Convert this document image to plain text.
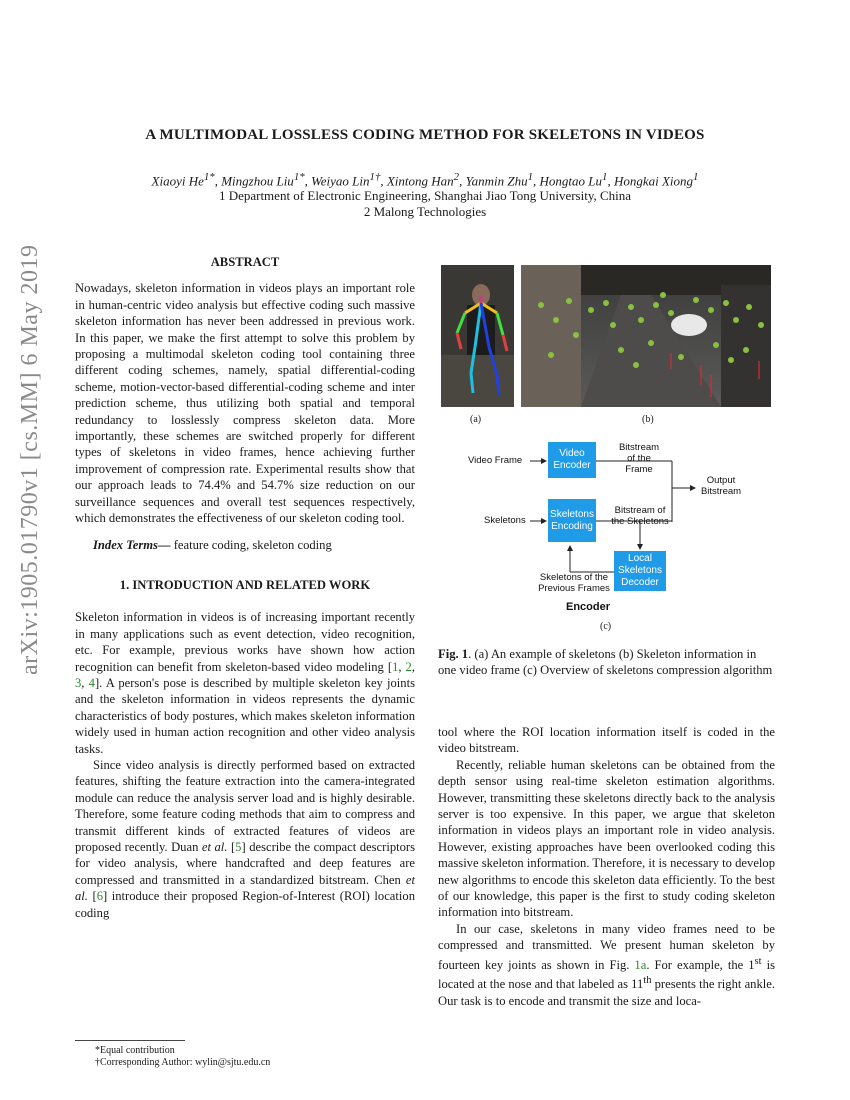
arXiv:1905.01790v1 [cs.MM] 6 May 2019
A MULTIMODAL LOSSLESS CODING METHOD FOR SKELETONS IN VIDEOS
Xiaoyi $He^{1*}$, Mingzhou Liu$^{1*}$, Weiyao Lin$^{1\dagger}$, Xintong Han$^2$, Yanmin Zhu$^1$, Hongtao Lu$^1$, Hongkai Xiong$^1$
1 Department of Electronic Engineering, Shanghai Jiao Tong University, China
2 Malong Technologies
ABSTRACT

Nowadays, skeleton information in videos plays an important role in human-centric video analysis but effective coding such massive skeleton information has never been addressed in previous work. In this paper, we make the first attempt to solve this problem by proposing a multimodal skeleton coding tool containing three different coding schemes, namely, spatial differential-coding scheme, motion-vector-based differential-coding scheme and inter prediction scheme, thus utilizing both spatial and temporal redundancy to losslessly compress skeleton data. More importantly, these schemes are switched properly for different types of skeletons in video frames, hence achieving further improvement of compression rate. Experimental results show that our approach leads to 74.4% and 54.7% size reduction on our surveillance sequences and overall test sequences respectively, which demonstrates the effectiveness of our skeleton coding tool.

Index Terms— feature coding, skeleton coding

1. INTRODUCTION AND RELATED WORK

Skeleton information in videos is of increasing important recently in many applications such as event detection, video recognition, etc. For example, previous works have shown how action recognition can benefit from skeleton-based video modeling [1, 2, 3, 4]. A person's pose is described by multiple skeleton key joints and the skeleton information in videos represents the dynamic characteristics of body postures, which makes skeleton information widely used in human action recognition and other video analysis tasks.

Since video analysis is directly performed based on extracted features, shifting the feature extraction into the camera-integrated module can reduce the analysis server load and is highly desirable. Therefore, some feature coding methods that aim to compress and transmit different kinds of extracted features of videos are proposed recently. Duan et al. [5] describe the compact descriptors for video analysis, where handcrafted and deep features are compressed and transmitted in a standardized bitstream. Chen et al. [6] introduce their proposed Region-of-Interest (ROI) location coding

*Equal contribution
†Corresponding Author: wylin@sjtu.edu.cn
(a)	(b)
Video Frame
Video Encoder
Bitstream of the Frame
Output Bitstream
Skeletons
Skeletons Encoding
Bitstream of the Skeletons
Local Skeletons Decoder
Skeletons of the Previous Frames
Encoder
(c)

Fig. 1. (a) An example of skeletons (b) Skeleton information in one video frame (c) Overview of skeletons compression algorithm

tool where the ROI location information itself is coded in the video bitstream.

Recently, reliable human skeletons can be obtained from the depth sensor using real-time skeleton estimation algorithms. However, transmitting these skeletons directly back to the analysis server is too expensive. In this paper, we argue that skeleton information in videos plays an important role in video analysis. However, existing approaches have been overlooked coding this massive skeleton information. Therefore, it is necessary to develop new algorithms to encode this skeleton data efficiently. To the best of our knowledge, this paper is the first to study coding skeleton information into bitstream.

In our case, skeletons in many video frames need to be compressed and transmitted. We present human skeleton by fourteen key joints as shown in Fig. 1a. For example, the 1st is located at the nose and that labeled as 11th presents the right ankle. Our task is to encode and transmit the size and loca-
